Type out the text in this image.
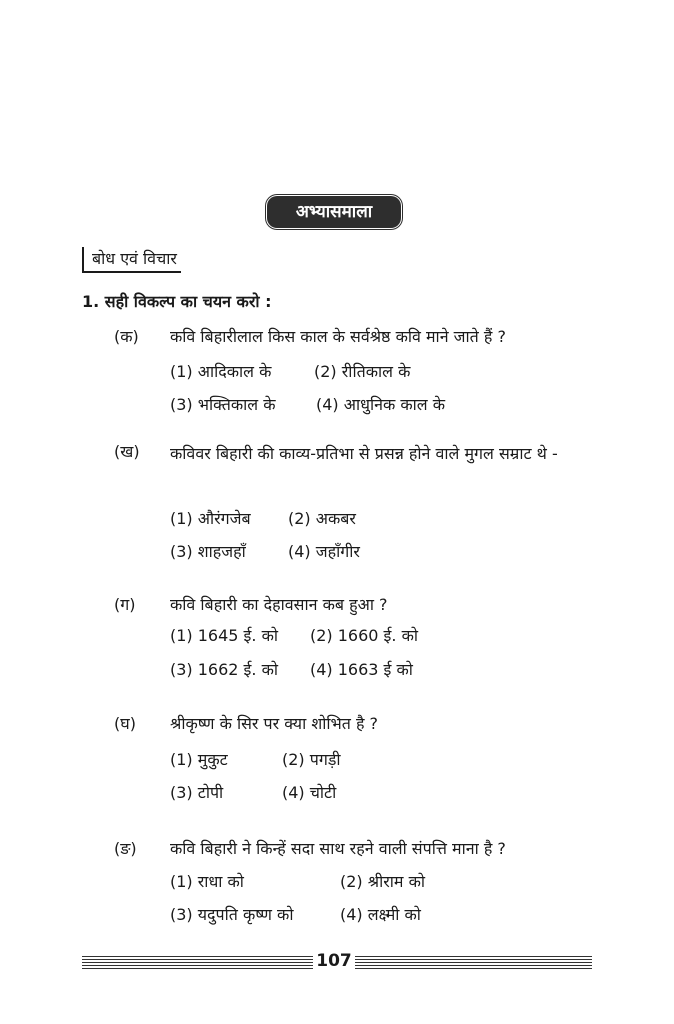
अभ्यासमाला
बोध एवं विचार
1. सही विकल्प का चयन करो :
(क) कवि बिहारीलाल किस काल के सर्वश्रेष्ठ कवि माने जाते हैं ?
(1) आदिकाल के	(2) रीतिकाल के
(3) भक्तिकाल के	(4) आधुनिक काल के
(ख) कविवर बिहारी की काव्य-प्रतिभा से प्रसन्न होने वाले मुगल सम्राट थे -
(1) औरंगजेब (2) अकबर
(3) शाहजहाँ	(4) जहाँगीर
(ग) कवि बिहारी का देहावसान कब हुआ ?
(1) 1645 ई. को (2) 1660 ई. को
(3) 1662 ई. को (4) 1663 ई को
(घ) श्रीकृष्ण के सिर पर क्या शोभित है ?
(1) मुकुट	(2) पगड़ी
(3) टोपी	(4) चोटी
(ङ) कवि बिहारी ने किन्हें सदा साथ रहने वाली संपत्ति माना है ?
(1) राधा को	(2) श्रीराम को
(3) यदुपति कृष्ण को	(4) लक्ष्मी को
107
